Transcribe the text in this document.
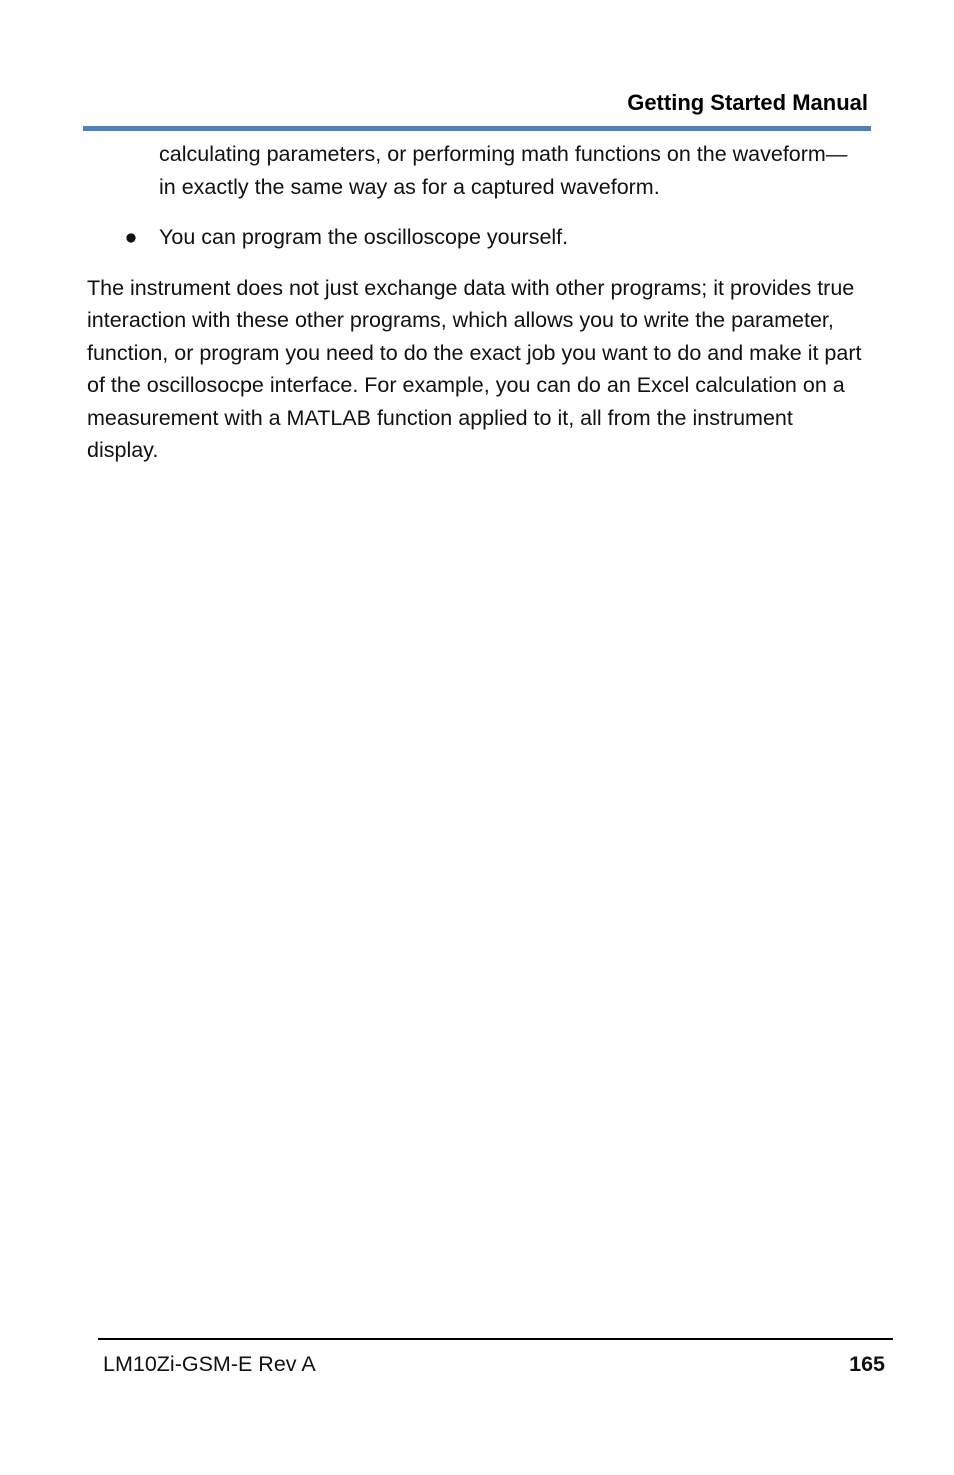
Getting Started Manual

calculating parameters, or performing math functions on the waveform—in exactly the same way as for a captured waveform.

● You can program the oscilloscope yourself.

The instrument does not just exchange data with other programs; it provides true interaction with these other programs, which allows you to write the parameter, function, or program you need to do the exact job you want to do and make it part of the oscillosocpe interface. For example, you can do an Excel calculation on a measurement with a MATLAB function applied to it, all from the instrument display.

LM10Zi-GSM-E Rev A	165
